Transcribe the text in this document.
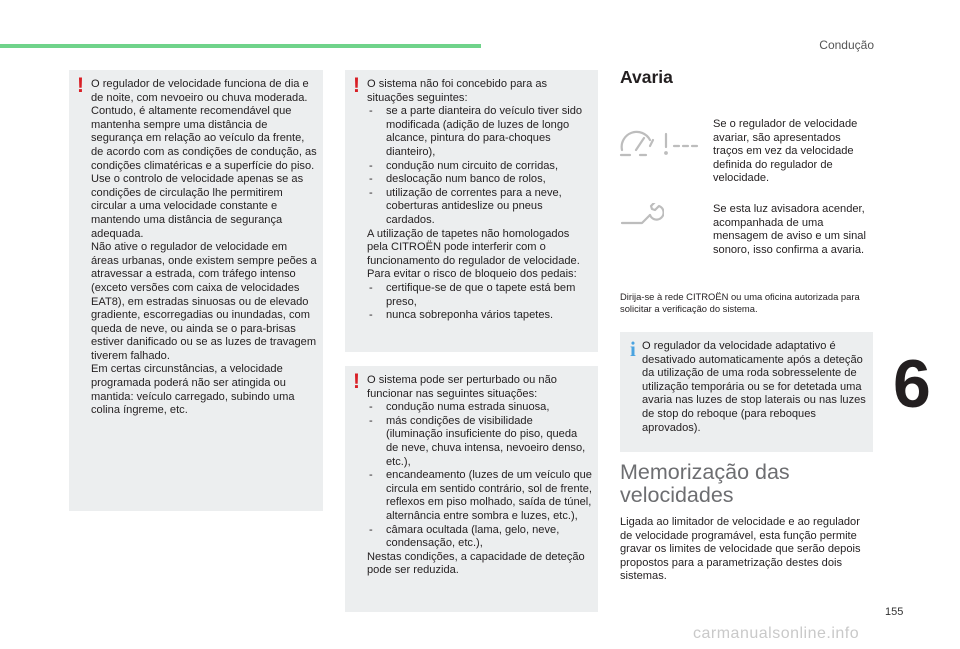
Condução
! O regulador de velocidade funciona de dia e de noite, com nevoeiro ou chuva moderada.
Contudo, é altamente recomendável que mantenha sempre uma distância de segurança em relação ao veículo da frente, de acordo com as condições de condução, as condições climatéricas e a superfície do piso.
Use o controlo de velocidade apenas se as condições de circulação lhe permitirem circular a uma velocidade constante e mantendo uma distância de segurança adequada.
Não ative o regulador de velocidade em áreas urbanas, onde existem sempre peões a atravessar a estrada, com tráfego intenso (exceto versões com caixa de velocidades EAT8), em estradas sinuosas ou de elevado gradiente, escorregadias ou inundadas, com queda de neve, ou ainda se o para-brisas estiver danificado ou se as luzes de travagem tiverem falhado.
Em certas circunstâncias, a velocidade programada poderá não ser atingida ou mantida: veículo carregado, subindo uma colina íngreme, etc.

! O sistema não foi concebido para as situações seguintes:

- se a parte dianteira do veículo tiver sido modificada (adição de luzes de longo alcance, pintura do para-choques dianteiro),
- condução num circuito de corridas,
- deslocação num banco de rolos,
- utilização de correntes para a neve, coberturas antideslize ou pneus cardados.

A utilização de tapetes não homologados pela CITROËN pode interferir com o funcionamento do regulador de velocidade.
Para evitar o risco de bloqueio dos pedais:

- certifique-se de que o tapete está bem preso,
- nunca sobreponha vários tapetes.
! O sistema pode ser perturbado ou não funcionar nas seguintes situações:

- condução numa estrada sinuosa,
- más condições de visibilidade (iluminação insuficiente do piso, queda de neve, chuva intensa, nevoeiro denso, etc.),
- encandeamento (luzes de um veículo que circula em sentido contrário, sol de frente, reflexos em piso molhado, saída de túnel, alternância entre sombra e luzes, etc.),
- câmara ocultada (lama, gelo, neve, condensação, etc.),

Nestas condições, a capacidade de deteção pode ser reduzida.

Avaria

Se o regulador de velocidade avariar, são apresentados traços em vez da velocidade definida do regulador de velocidade.

Se esta luz avisadora acender, acompanhada de uma mensagem de aviso e um sinal sonoro, isso confirma a avaria.

Dirija-se à rede CITROËN ou uma oficina autorizada para solicitar a verificação do sistema.

i O regulador da velocidade adaptativo é desativado automaticamente após a deteção da utilização de uma roda sobresselente de utilização temporária ou se for detetada uma avaria nas luzes de stop laterais ou nas luzes de stop do reboque (para reboques aprovados).

Memorização das velocidades

Ligada ao limitador de velocidade e ao regulador de velocidade programável, esta função permite gravar os limites de velocidade que serão depois propostos para a parametrização destes dois sistemas.

6
155
carmanualsonline.info
